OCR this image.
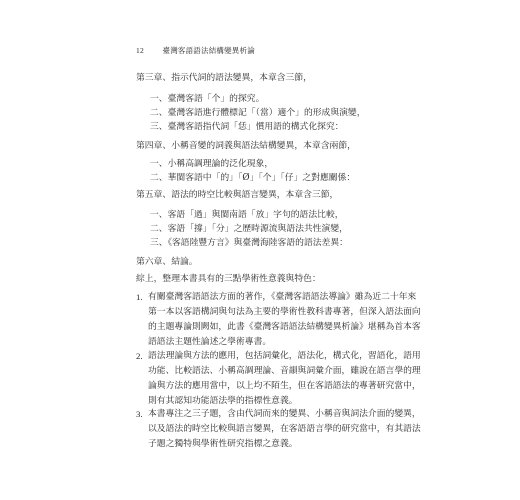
12 臺灣客語語法結構變異析論
第三章、指示代詞的語法變異，本章含三節，
一、臺灣客語「个」的探究。
二、臺灣客語進行體標記「（當）適个」的形成與演變，
三、臺灣客語指代詞「恁」慣用語的構式化探究：
第四章、小稱音變的詞義與語法結構變異，本章含兩節，
一、小稱高調理論的泛化現象，
二、華閩客語中「的」「Ø」「个」「仔」之對應關係：
第五章、語法的時空比較與語言變異，本章含三節，
一、客語「過」與閩南語「放」字句的語法比較，
二、客語「撐」「分」之歷時源流與語法共性演變，
三、《客語陸豐方言》與臺灣海陸客語的語法差異：
第六章、結論。
綜上，整理本書具有的三點學術性意義與特色：
1. 有關臺灣客語語法方面的著作，《臺灣客語語法導論》雖為近二十年來
第一本以客語構詞與句法為主要的學術性教科書專著，但深入語法面向
的主題專論則闕如，此書《臺灣客語語法結構變異析論》堪稱為首本客
語語法主題性論述之學術專書。
2. 語法理論與方法的應用，包括詞彙化，語法化，構式化，習語化，語用
功能、比較語法、小稱高調理論、音韻與詞彙介面，雖說在語言學的理
論與方法的應用當中，以上均不陌生，但在客語語法的專著研究當中，
則有其認知功能語法學的指標性意義。
3. 本書專注之三子題，含由代詞而來的變異、小稱音與詞法介面的變異，
以及語法的時空比較與語言變異，在客語語言學的研究當中，有其語法
子題之獨特與學術性研究指標之意義。
